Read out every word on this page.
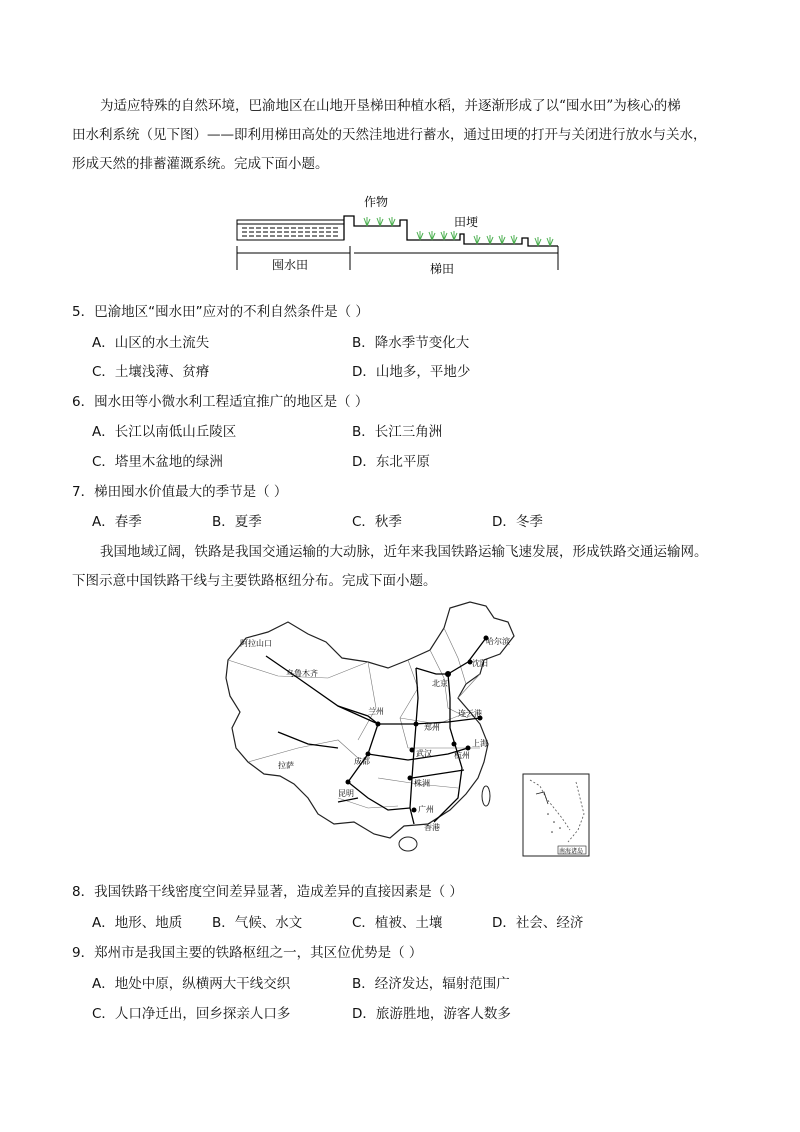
为适应特殊的自然环境，巴渝地区在山地开垦梯田种植水稻，并逐渐形成了以“囤水田”为核心的梯
田水利系统（见下图）——即利用梯田高处的天然洼地进行蓄水，通过田埂的打开与关闭进行放水与关水，
形成天然的排蓄灌溉系统。完成下面小题。
作物
田埂
囤水田	梯田
5．巴渝地区“囤水田”应对的不利自然条件是（ ）
A．山区的水土流失	B．降水季节变化大
C．土壤浅薄、贫瘠	D．山地多，平地少
6．囤水田等小微水利工程适宜推广的地区是（ ）
A．长江以南低山丘陵区	B．长江三角洲
C．塔里木盆地的绿洲	D．东北平原
7．梯田囤水价值最大的季节是（ ）
A．春季	B．夏季	C．秋季	D．冬季
我国地域辽阔，铁路是我国交通运输的大动脉，近年来我国铁路运输飞速发展，形成铁路交通运输网。
下图示意中国铁路干线与主要铁路枢纽分布。完成下面小题。
阿拉山口
乌鲁木齐
哈尔滨
沈阳
北京
兰州
郑州
连云港
上海
成都
武汉	杭州
拉萨
株洲
昆明
广州
香港
南海诸岛
8．我国铁路干线密度空间差异显著，造成差异的直接因素是（ ）
A．地形、地质 B．气候、水文	C．植被、土壤	D．社会、经济
9．郑州市是我国主要的铁路枢纽之一，其区位优势是（ ）
A．地处中原，纵横两大干线交织	B．经济发达，辐射范围广
C．人口净迁出，回乡探亲人口多	D．旅游胜地，游客人数多
